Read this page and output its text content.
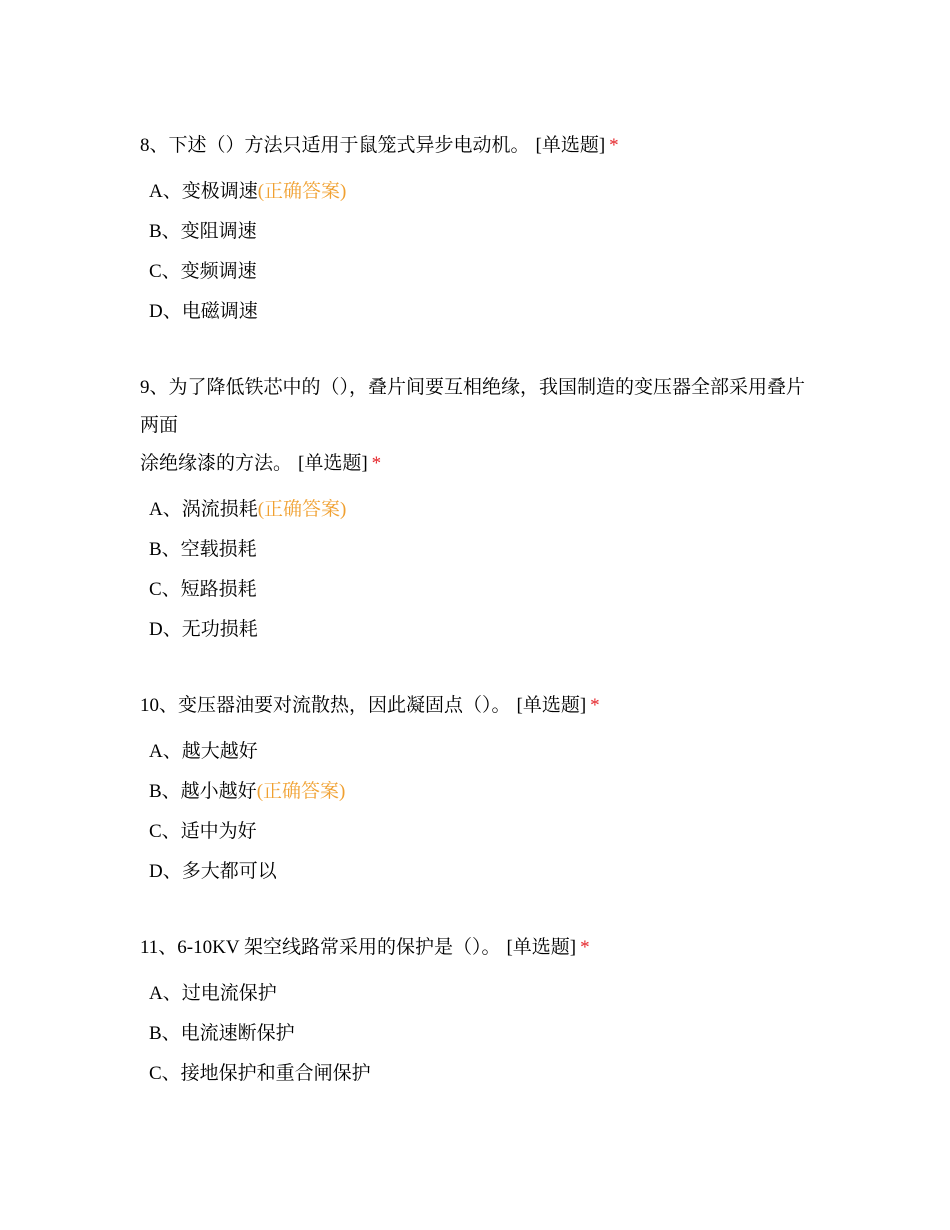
8、下述（）方法只适用于鼠笼式异步电动机。 [单选题] *

A、变极调速(正确答案)
B、变阻调速
C、变频调速
D、电磁调速

9、为了降低铁芯中的（），叠片间要互相绝缘，我国制造的变压器全部采用叠片
两面
涂绝缘漆的方法。 [单选题] *

A、涡流损耗(正确答案)
B、空载损耗
C、短路损耗
D、无功损耗

10、变压器油要对流散热，因此凝固点（）。 [单选题] *

A、越大越好
B、越小越好(正确答案)
C、适中为好
D、多大都可以

11、6-10KV 架空线路常采用的保护是（）。 [单选题] *

A、过电流保护
B、电流速断保护
C、接地保护和重合闸保护
